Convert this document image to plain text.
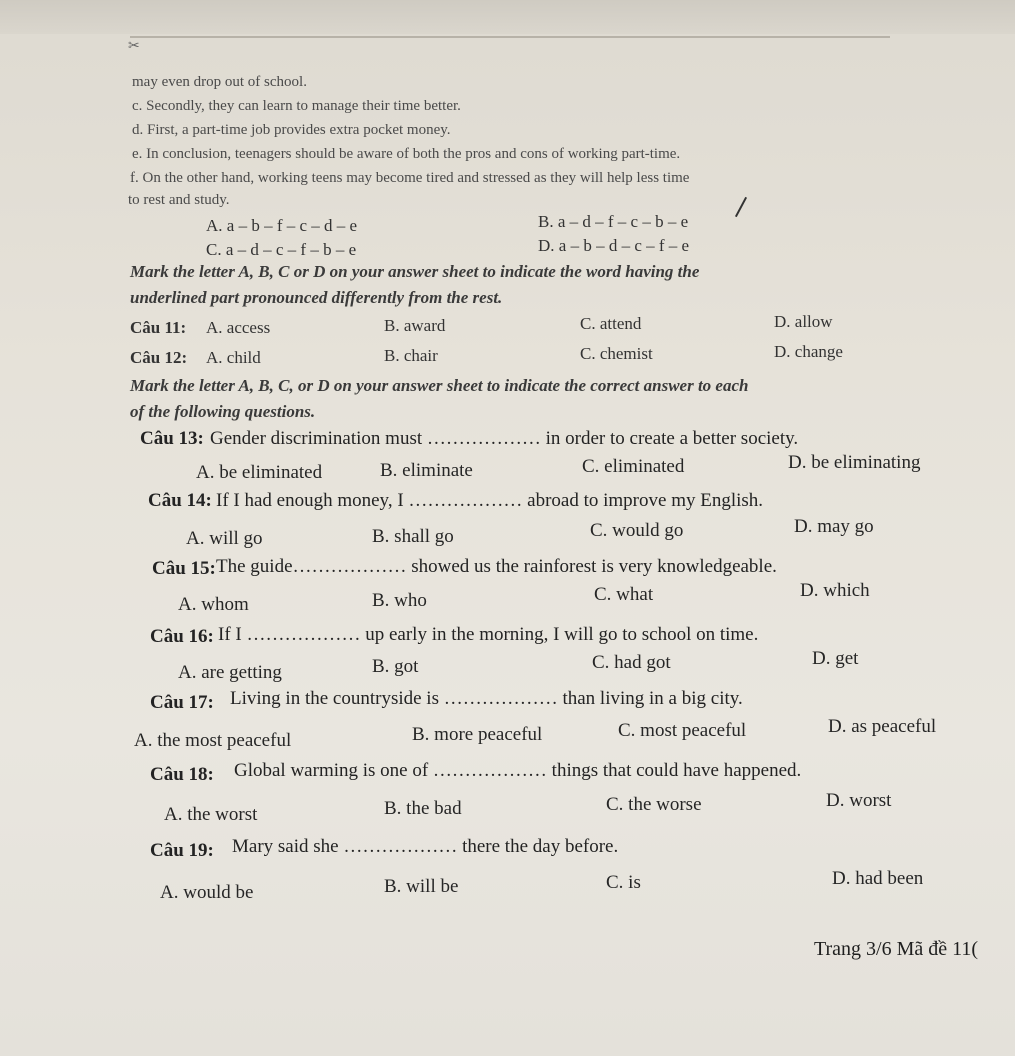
✂
may even drop out of school.
c. Secondly, they can learn to manage their time better.
d. First, a part-time job provides extra pocket money.
e. In conclusion, teenagers should be aware of both the pros and cons of working part-time.
f. On the other hand, working teens may become tired and stressed as they will help less time
to rest and study.
A. a – b – f – c – d – e	B. a – d – f – c – b – e
C. a – d – c – f – b – e	D. a – b – d – c – f – e
Mark the letter A, B, C or D on your answer sheet to indicate the word having the
underlined part pronounced differently from the rest.
Câu 11: A. access	B. award	C. attend	D. allow
Câu 12: A. child	B. chair	C. chemist	D. change
Mark the letter A, B, C, or D on your answer sheet to indicate the correct answer to each
of the following questions.
Câu 13: Gender discrimination must ……………… in order to create a better society.
A. be eliminated	B. eliminate	C. eliminated	D. be eliminating
Câu 14: If I had enough money, I ……………… abroad to improve my English.
A. will go	B. shall go	C. would go	D. may go
Câu 15: The guide……………… showed us the rainforest is very knowledgeable.
A. whom	B. who	C. what	D. which
Câu 16: If I ……………… up early in the morning, I will go to school on time.
A. are getting	B. got	C. had got	D. get
Câu 17: Living in the countryside is ……………… than living in a big city.
A. the most peaceful	B. more peaceful	C. most peaceful	D. as peaceful
Câu 18: Global warming is one of ……………… things that could have happened.
A. the worst	B. the bad	C. the worse	D. worst
Câu 19: Mary said she ……………… there the day before.
A. would be	B. will be	C. is	D. had been
Trang 3/6 Mã đề 11(
